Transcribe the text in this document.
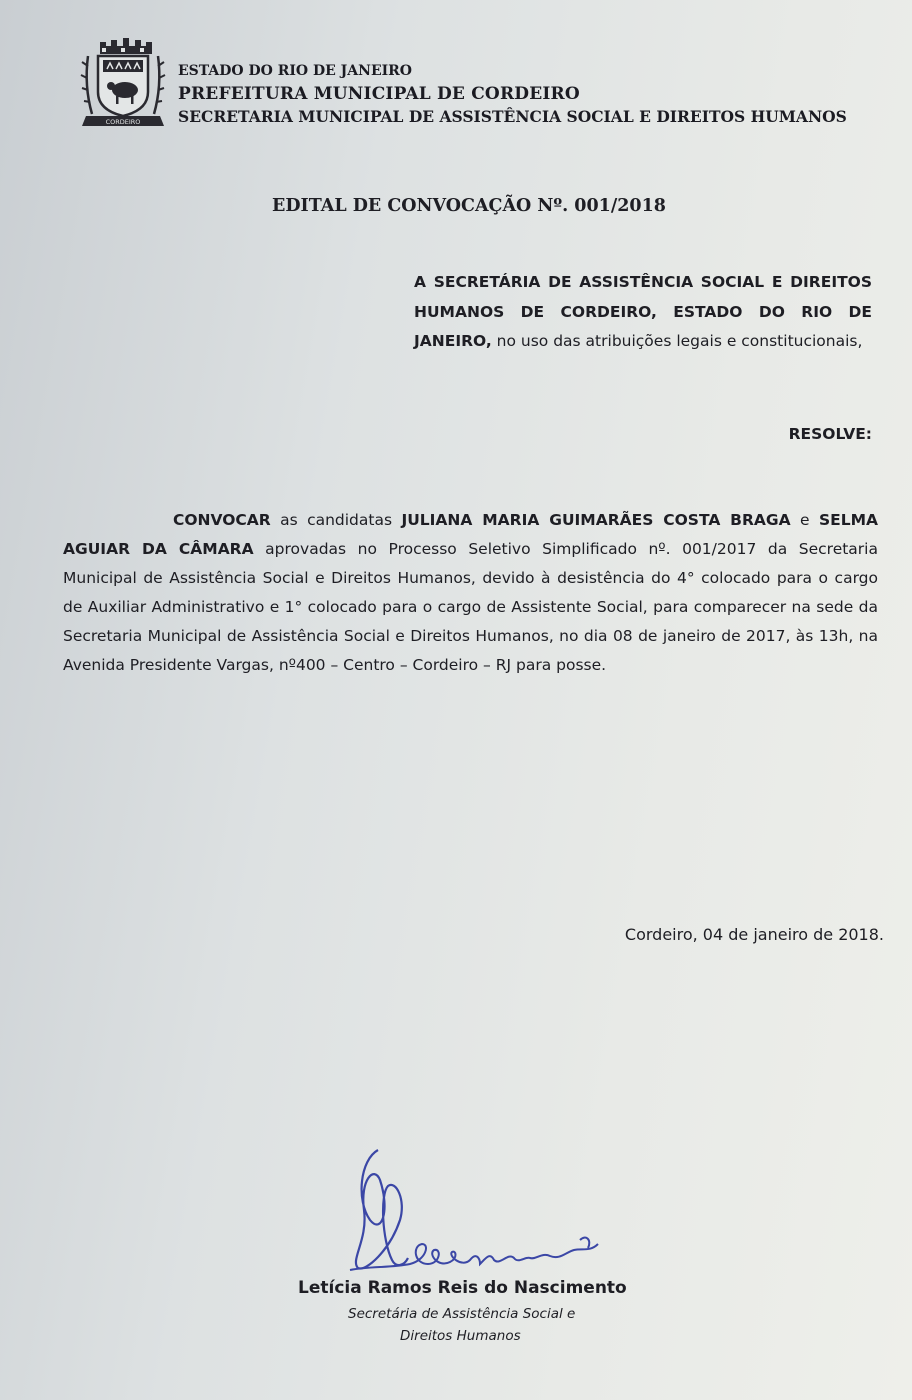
CORDEIRO
ESTADO DO RIO DE JANEIRO
PREFEITURA MUNICIPAL DE CORDEIRO
SECRETARIA MUNICIPAL DE ASSISTÊNCIA SOCIAL E DIREITOS HUMANOS
EDITAL DE CONVOCAÇÃO Nº. 001/2018
A SECRETÁRIA DE ASSISTÊNCIA SOCIAL E DIREITOS HUMANOS DE CORDEIRO, ESTADO DO RIO DE JANEIRO, no uso das atribuições legais e constitucionais,
RESOLVE:
CONVOCAR as candidatas JULIANA MARIA GUIMARÃES COSTA BRAGA e SELMA AGUIAR DA CÂMARA aprovadas no Processo Seletivo Simplificado nº. 001/2017 da Secretaria Municipal de Assistência Social e Direitos Humanos, devido à desistência do 4° colocado para o cargo de Auxiliar Administrativo e 1° colocado para o cargo de Assistente Social, para comparecer na sede da Secretaria Municipal de Assistência Social e Direitos Humanos, no dia 08 de janeiro de 2017, às 13h, na Avenida Presidente Vargas, nº400 – Centro – Cordeiro – RJ para posse.
Cordeiro, 04 de janeiro de 2018.
Letícia Ramos Reis do Nascimento
Secretária de Assistência Social e
Direitos Humanos
